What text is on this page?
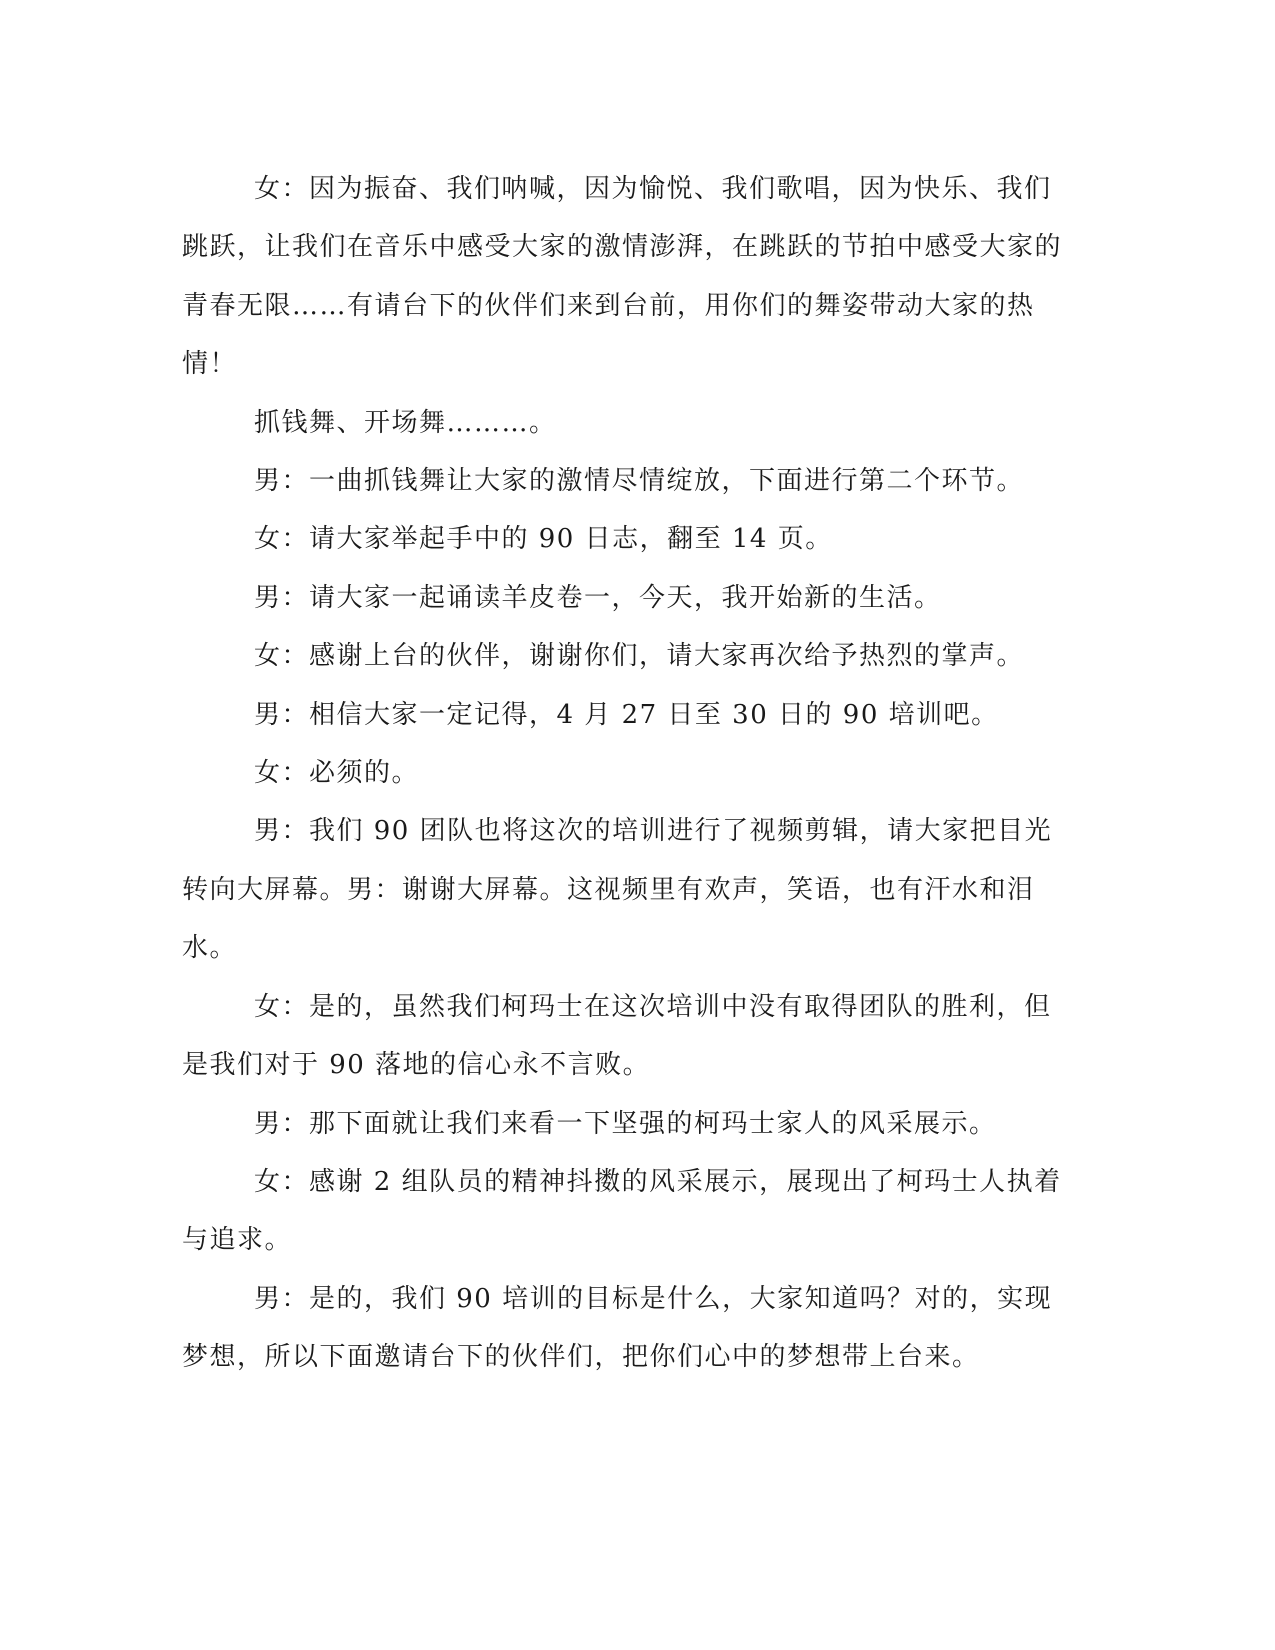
女：因为振奋、我们呐喊，因为愉悦、我们歌唱，因为快乐、我们跳跃，让我们在音乐中感受大家的激情澎湃，在跳跃的节拍中感受大家的青春无限……有请台下的伙伴们来到台前，用你们的舞姿带动大家的热情！

抓钱舞、开场舞………。

男：一曲抓钱舞让大家的激情尽情绽放，下面进行第二个环节。

女：请大家举起手中的 90 日志，翻至 14 页。

男：请大家一起诵读羊皮卷一，今天，我开始新的生活。

女：感谢上台的伙伴，谢谢你们，请大家再次给予热烈的掌声。

男：相信大家一定记得，4 月 27 日至 30 日的 90 培训吧。

女：必须的。

男：我们 90 团队也将这次的培训进行了视频剪辑，请大家把目光转向大屏幕。男：谢谢大屏幕。这视频里有欢声，笑语，也有汗水和泪水。

女：是的，虽然我们柯玛士在这次培训中没有取得团队的胜利，但是我们对于 90 落地的信心永不言败。

男：那下面就让我们来看一下坚强的柯玛士家人的风采展示。

女：感谢 2 组队员的精神抖擞的风采展示，展现出了柯玛士人执着与追求。

男：是的，我们 90 培训的目标是什么，大家知道吗？对的，实现梦想，所以下面邀请台下的伙伴们，把你们心中的梦想带上台来。
